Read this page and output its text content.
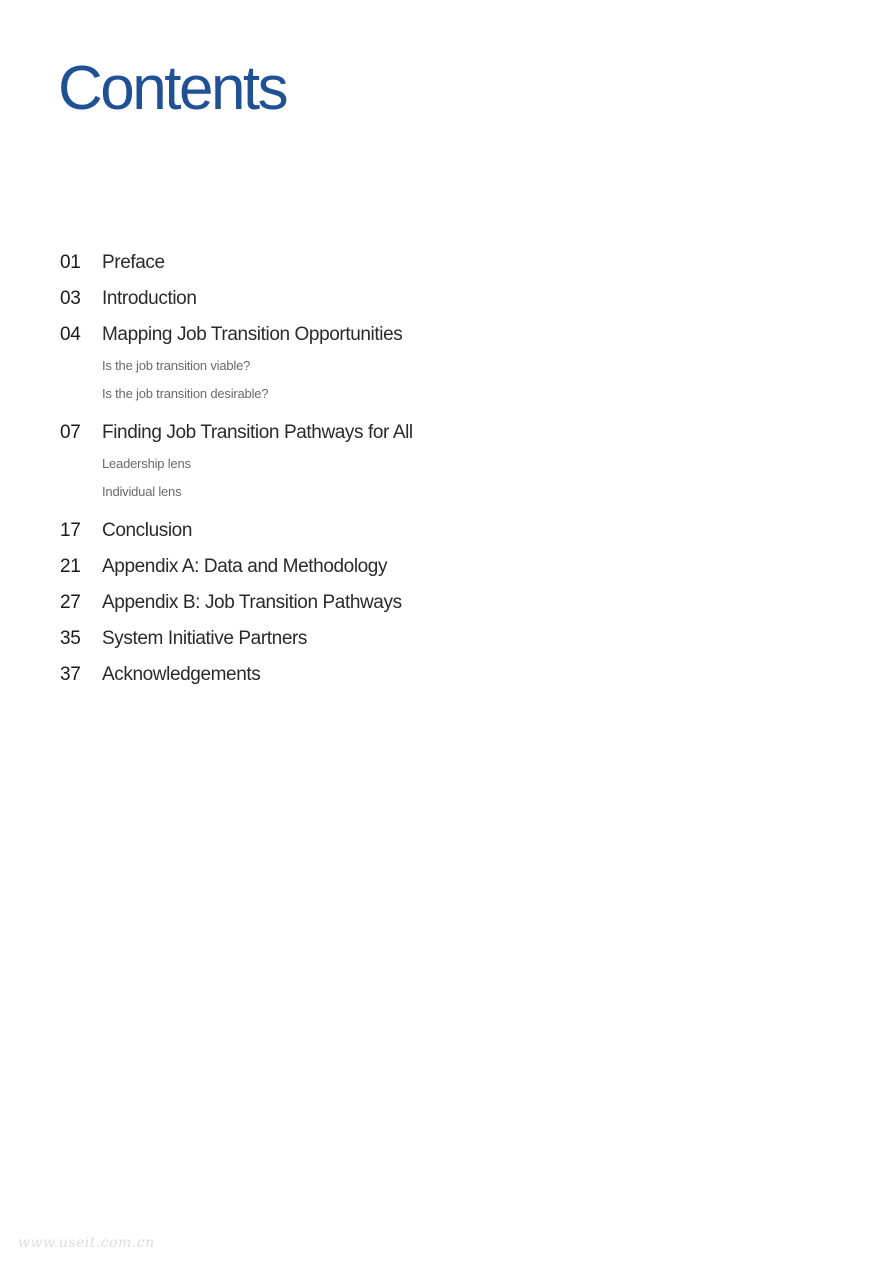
Contents
01	Preface
03	Introduction
04	Mapping Job Transition Opportunities
Is the job transition viable?
Is the job transition desirable?
07	Finding Job Transition Pathways for All
Leadership lens
Individual lens
17	Conclusion
21	Appendix A: Data and Methodology
27	Appendix B: Job Transition Pathways
35	System Initiative Partners
37	Acknowledgements
www.useit.com.cn
